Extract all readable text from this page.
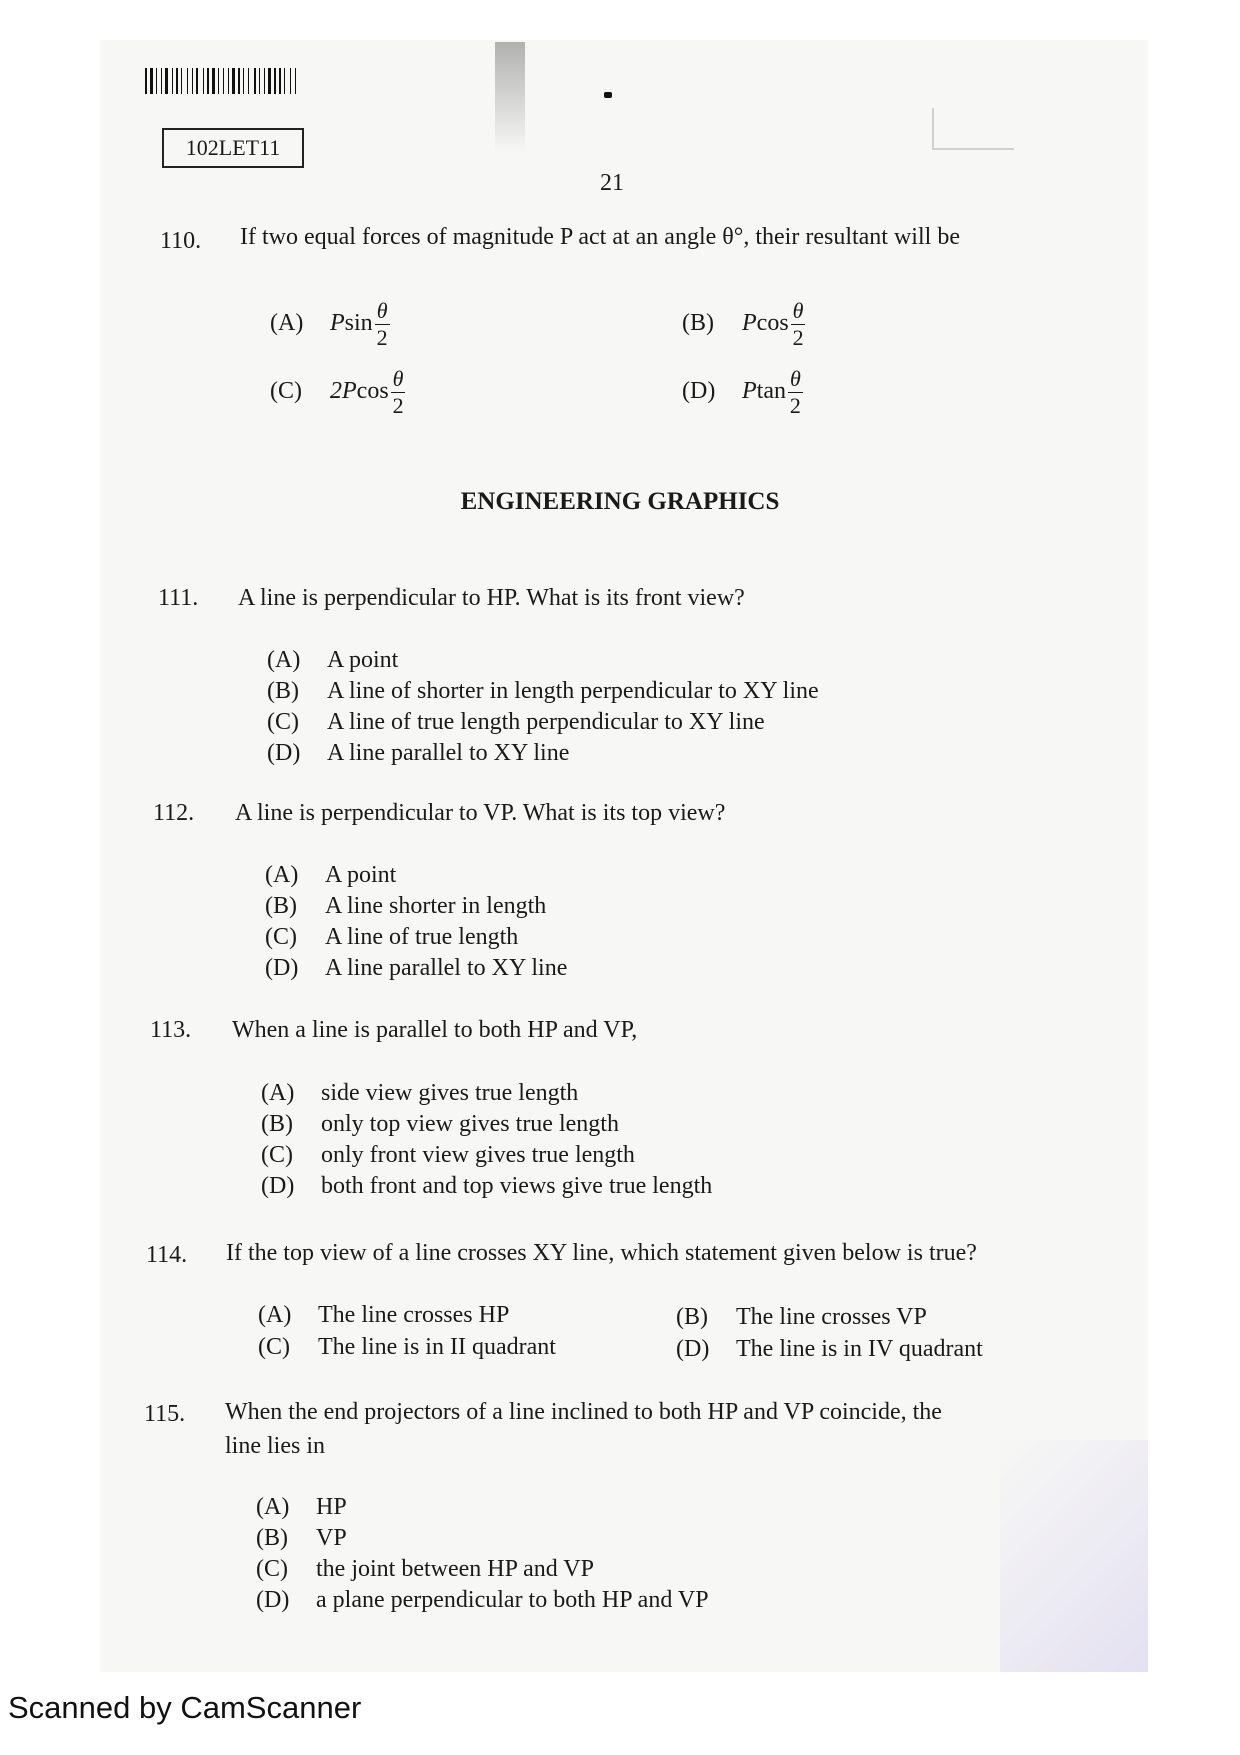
102LET11
21
110. If two equal forces of magnitude P act at an angle θ°, their resultant will be
(A) Psin $\frac{\theta}{2}$	(B) Pcos $\frac{\theta}{2}$
(C) $2Pcos \frac{\theta}{2}$	(D) Ptan $\frac{\theta}{2}$
ENGINEERING GRAPHICS
111. A line is perpendicular to HP. What is its front view?
(A) A point
(B) A line of shorter in length perpendicular to XY line
(C) A line of true length perpendicular to XY line
(D) A line parallel to XY line
112. A line is perpendicular to VP. What is its top view?
(A) A point
(B) A line shorter in length
(C) A line of true length
(D) A line parallel to XY line
113. When a line is parallel to both HP and VP,
(A) side view gives true length
(B) only top view gives true length
(C) only front view gives true length
(D) both front and top views give true length
114. If the top view of a line crosses XY line, which statement given below is true?
(A) The line crosses HP	(B) The line crosses VP
(C) The line is in II quadrant	(D) The line is in IV quadrant
115. When the end projectors of a line inclined to both HP and VP coincide, the
line lies in
(A) HP
(B) VP
(C) the joint between HP and VP
(D) a plane perpendicular to both HP and VP
Scanned by CamScanner
